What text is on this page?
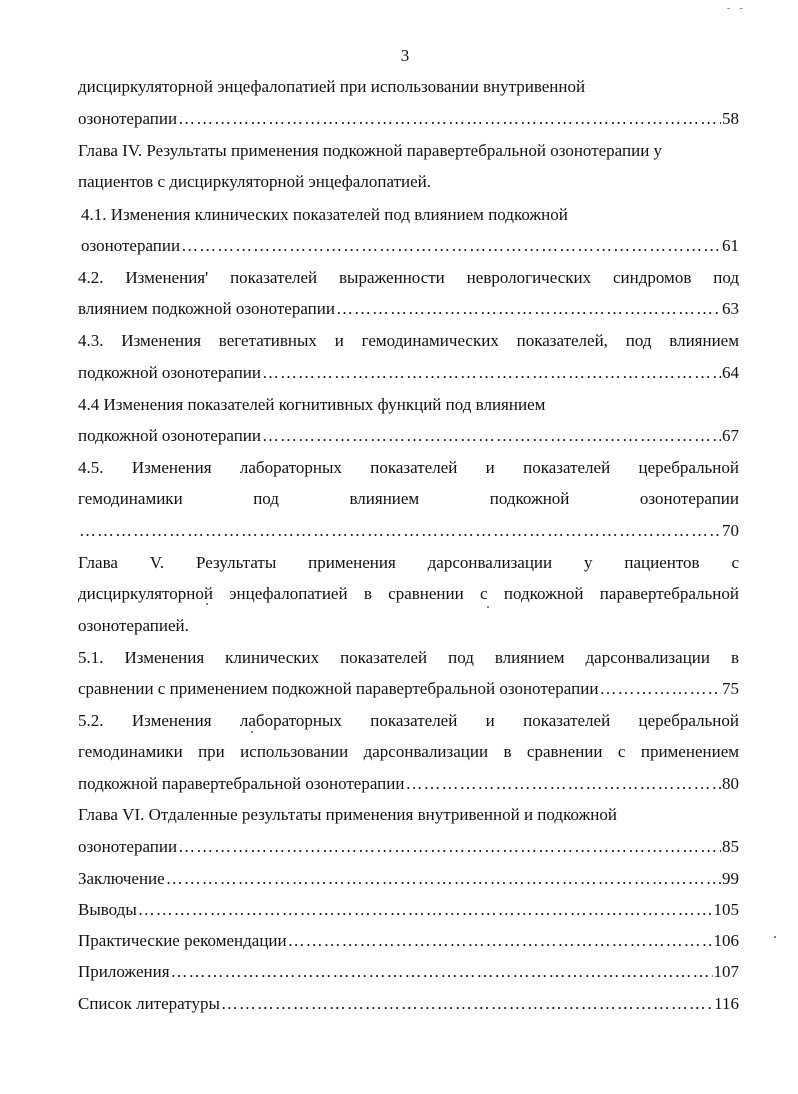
- -
3
дисциркуляторной энцефалопатией при использовании внутривенной
озонотерапии ……………………………………………………………………………………………………………………………………………………………………	58
Глава IV. Результаты применения подкожной паравертебральной озонотерапии у
пациентов с дисциркуляторной энцефалопатией.
4.1. Изменения клинических показателей под влиянием подкожной
озонотерапии ……………………………………………………………………………………………………………………………………………………………………	61
4.2. Изменения' показателей выраженности неврологических синдромов под
влиянием подкожной озонотерапии ……………………………………………………………………………………………………………………………………………………………………	63
4.3. Изменения вегетативных и гемодинамических показателей, под влиянием
подкожной озонотерапии ……………………………………………………………………………………………………………………………………………………………………	64
4.4 Изменения показателей когнитивных функций под влиянием
подкожной озонотерапии ……………………………………………………………………………………………………………………………………………………………………	67
4.5. Изменения лабораторных показателей и показателей церебральной
гемодинамики под влиянием подкожной озонотерапии
……………………………………………………………………………………………………………………………………………………………………
70
Глава V. Результаты применения дарсонвализации у пациентов с
дисциркуляторной энцефалопатией в сравнении с подкожной паравертебральной
озонотерапией.
5.1. Изменения клинических показателей под влиянием дарсонвализации в
сравнении с применением подкожной паравертебральной озонотерапии ……………………………………………………………………………………………………………………………………………………………………	75
5.2. Изменения лабораторных показателей и показателей церебральной
гемодинамики при использовании дарсонвализации в сравнении с применением
подкожной паравертебральной озонотерапии ……………………………………………………………………………………………………………………………………………………………………	80
Глава VI. Отдаленные результаты применения внутривенной и подкожной
озонотерапии ……………………………………………………………………………………………………………………………………………………………………	85
Заключение ……………………………………………………………………………………………………………………………………………………………………	99
Выводы ……………………………………………………………………………………………………………………………………………………………………	105
Практические рекомендации ……………………………………………………………………………………………………………………………………………………………………	106
Приложения ……………………………………………………………………………………………………………………………………………………………………	107
Список литературы ……………………………………………………………………………………………………………………………………………………………………	116
